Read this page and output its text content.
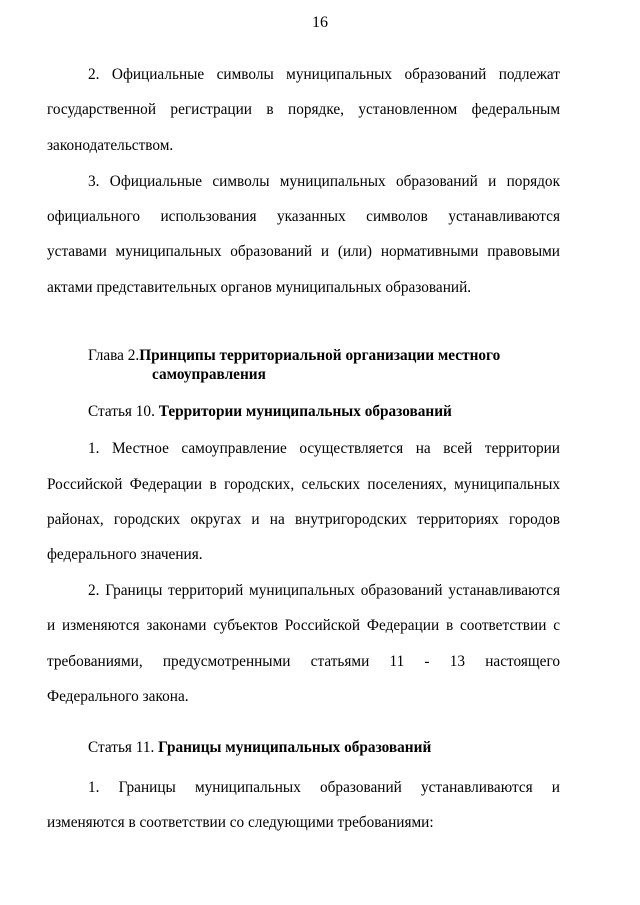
16
2. Официальные символы муниципальных образований подлежат
государственной регистрации в порядке, установленном федеральным
законодательством.
3. Официальные символы муниципальных образований и порядок
официального использования указанных символов устанавливаются
уставами муниципальных образований и (или) нормативными правовыми
актами представительных органов муниципальных образований.
Глава 2.Принципы территориальной организации местного
самоуправления
Статья 10. Территории муниципальных образований
1. Местное самоуправление осуществляется на всей территории
Российской Федерации в городских, сельских поселениях, муниципальных
районах, городских округах и на внутригородских территориях городов
федерального значения.
2. Границы территорий муниципальных образований устанавливаются
и изменяются законами субъектов Российской Федерации в соответствии с
требованиями, предусмотренными статьями 11 - 13 настоящего
Федерального закона.
Статья 11. Границы муниципальных образований
1. Границы муниципальных образований устанавливаются и
изменяются в соответствии со следующими требованиями:
